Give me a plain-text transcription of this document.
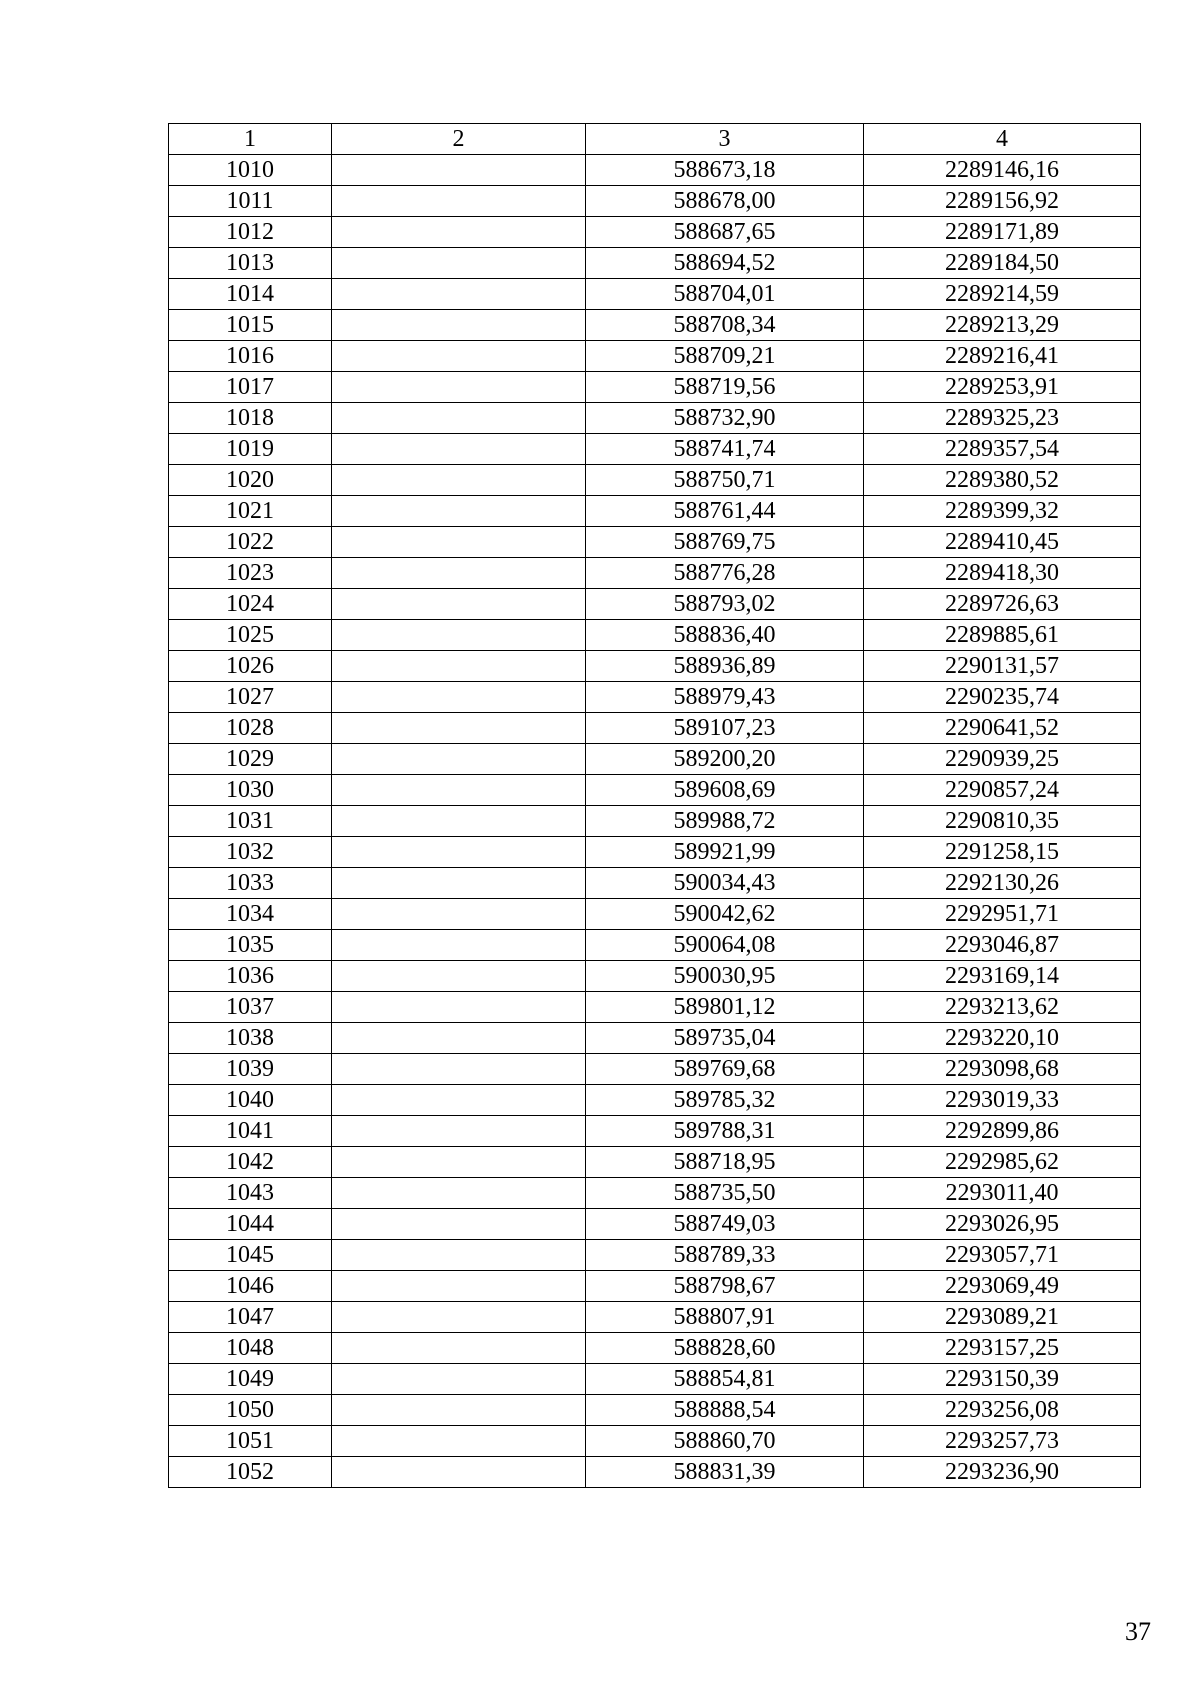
1	2	3	4
1010		588673,18	2289146,16
1011		588678,00	2289156,92
1012		588687,65	2289171,89
1013		588694,52	2289184,50
1014		588704,01	2289214,59
1015		588708,34	2289213,29
1016		588709,21	2289216,41
1017		588719,56	2289253,91
1018		588732,90	2289325,23
1019		588741,74	2289357,54
1020		588750,71	2289380,52
1021		588761,44	2289399,32
1022		588769,75	2289410,45
1023		588776,28	2289418,30
1024		588793,02	2289726,63
1025		588836,40	2289885,61
1026		588936,89	2290131,57
1027		588979,43	2290235,74
1028		589107,23	2290641,52
1029		589200,20	2290939,25
1030		589608,69	2290857,24
1031		589988,72	2290810,35
1032		589921,99	2291258,15
1033		590034,43	2292130,26
1034		590042,62	2292951,71
1035		590064,08	2293046,87
1036		590030,95	2293169,14
1037		589801,12	2293213,62
1038		589735,04	2293220,10
1039		589769,68	2293098,68
1040		589785,32	2293019,33
1041		589788,31	2292899,86
1042		588718,95	2292985,62
1043		588735,50	2293011,40
1044		588749,03	2293026,95
1045		588789,33	2293057,71
1046		588798,67	2293069,49
1047		588807,91	2293089,21
1048		588828,60	2293157,25
1049		588854,81	2293150,39
1050		588888,54	2293256,08
1051		588860,70	2293257,73
1052		588831,39	2293236,90
37
